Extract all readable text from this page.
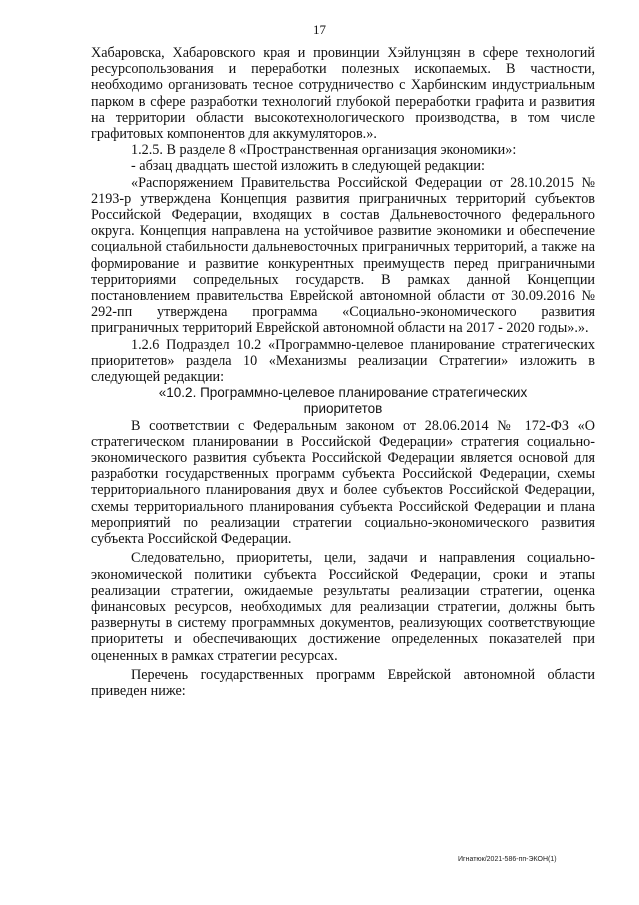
17

Хабаровска, Хабаровского края и провинции Хэйлунцзян в сфере технологий ресурсопользования и переработки полезных ископаемых. В частности, необходимо организовать тесное сотрудничество с Харбинским индустриальным парком в сфере разработки технологий глубокой переработки графита и развития на территории области высокотехнологического производства, в том числе графитовых компонентов для аккумуляторов.».

1.2.5. В разделе 8 «Пространственная организация экономики»:

- абзац двадцать шестой изложить в следующей редакции:

«Распоряжением Правительства Российской Федерации от 28.10.2015 № 2193-р утверждена Концепция развития приграничных территорий субъектов Российской Федерации, входящих в состав Дальневосточного федерального округа. Концепция направлена на устойчивое развитие экономики и обеспечение социальной стабильности дальневосточных приграничных территорий, а также на формирование и развитие конкурентных преимуществ перед приграничными территориями сопредельных государств. В рамках данной Концепции постановлением правительства Еврейской автономной области от 30.09.2016 № 292-пп утверждена программа «Социально-экономического развития приграничных территорий Еврейской автономной области на 2017 - 2020 годы».».

1.2.6 Подраздел 10.2 «Программно-целевое планирование стратегических приоритетов» раздела 10 «Механизмы реализации Стратегии» изложить в следующей редакции:

«10.2. Программно-целевое планирование стратегических приоритетов

В соответствии с Федеральным законом от 28.06.2014 № 172-ФЗ «О стратегическом планировании в Российской Федерации» стратегия социально-экономического развития субъекта Российской Федерации является основой для разработки государственных программ субъекта Российской Федерации, схемы территориального планирования двух и более субъектов Российской Федерации, схемы территориального планирования субъекта Российской Федерации и плана мероприятий по реализации стратегии социально-экономического развития субъекта Российской Федерации.

Следовательно, приоритеты, цели, задачи и направления социально-экономической политики субъекта Российской Федерации, сроки и этапы реализации стратегии, ожидаемые результаты реализации стратегии, оценка финансовых ресурсов, необходимых для реализации стратегии, должны быть развернуты в систему программных документов, реализующих соответствующие приоритеты и обеспечивающих достижение определенных показателей при оцененных в рамках стратегии ресурсах.

Перечень государственных программ Еврейской автономной области приведен ниже:

Игнатюк/2021-586-пп-ЭКОН(1)
